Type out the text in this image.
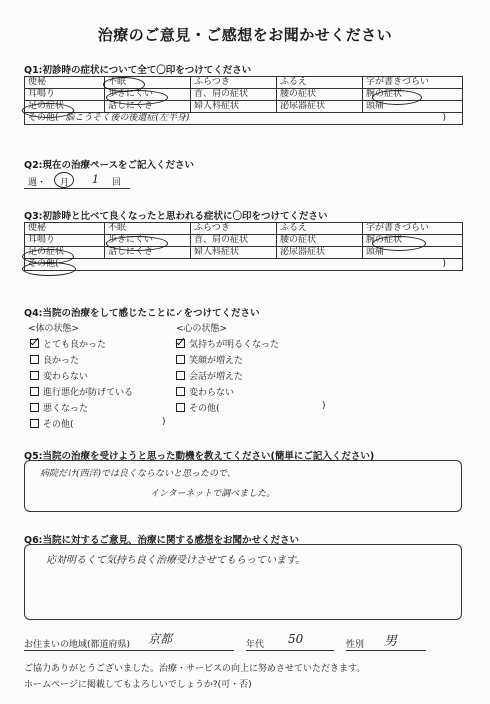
治療のご意見・ご感想をお聞かせください
Q1:初診時の症状について全て〇印をつけてください
便秘	不眠	ふらつき	ふるえ	字が書きづらい
耳鳴り	歩きにくい	首、肩の症状	腰の症状	腕の症状
足の症状	話しにくさ	婦人科症状	泌尿器症状	頭痛
その他( 脳こうそく後の後遺症(左半身) )				
Q2:現在の治療ペースをご記入ください
週・ 月 1 回
Q3:初診時と比べて良くなったと思われる症状に〇印をつけてください
便秘	不眠	ふらつき	ふるえ	字が書きづらい
耳鳴り	歩きにくい	首、肩の症状	腰の症状	腕の症状
足の症状	話しにくさ	婦人科症状	泌尿器症状	頭痛
その他( )				
Q4:当院の治療をして感じたことに✓をつけてください
<体の状態>	<心の状態>
とても良かった
良かった
変わらない
進行悪化が防げている
悪くなった
その他(	)
気持ちが明るくなった
笑顔が増えた
会話が増えた
変わらない
その他(	)
Q5:当院の治療を受けようと思った動機を教えてください(簡単にご記入ください)
病院だけ(西洋)では良くならないと思ったので、
インターネットで調べました。
Q6:当院に対するご意見、治療に関する感想をお聞かせください
応対明るくて気持ち良く治療受けさせてもらっています。
お住まいの地域(都道府県) 京都	年代 50	性別 男
ご協力ありがとうございました。治療・サービスの向上に努めさせていただきます。
ホームページに掲載してもよろしいでしょうか?(可・否)
